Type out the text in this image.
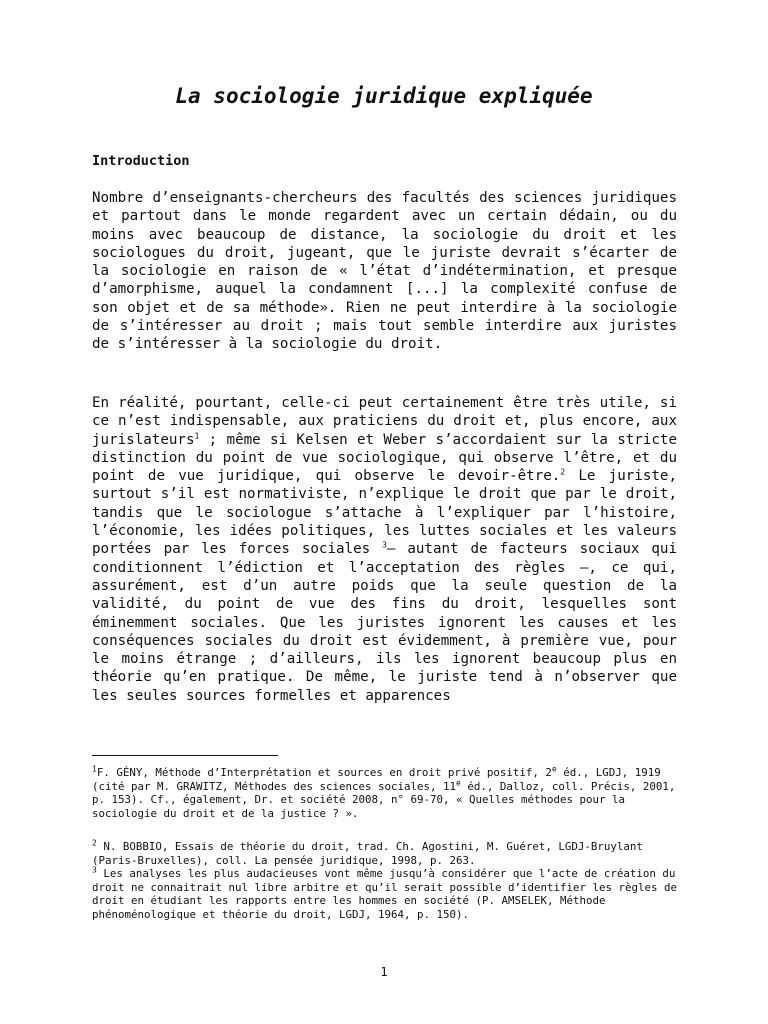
La sociologie juridique expliquée
Introduction

Nombre d’enseignants-chercheurs des facultés des sciences juridiques et partout dans le monde regardent avec un certain dédain, ou du moins avec beaucoup de distance, la sociologie du droit et les sociologues du droit, jugeant, que le juriste devrait s’écarter de la sociologie en raison de « l’état d’indétermination, et presque d’amorphisme, auquel la condamnent [...] la complexité confuse de son objet et de sa méthode». Rien ne peut interdire à la sociologie de s’intéresser au droit ; mais tout semble interdire aux juristes de s’intéresser à la sociologie du droit.

En réalité, pourtant, celle-ci peut certainement être très utile, si ce n’est indispensable, aux praticiens du droit et, plus encore, aux jurislateurs$^1$ ; même si Kelsen et Weber s’accordaient sur la stricte distinction du point de vue sociologique, qui observe l’être, et du point de vue juridique, qui observe le devoir-être.$^2$ Le juriste, surtout s’il est normativiste, n’explique le droit que par le droit, tandis que le sociologue s’attache à l’expliquer par l’histoire, l’économie, les idées politiques, les luttes sociales et les valeurs portées par les forces sociales $^3$— autant de facteurs sociaux qui conditionnent l’édiction et l’acceptation des règles —, ce qui, assurément, est d’un autre poids que la seule question de la validité, du point de vue des fins du droit, lesquelles sont éminemment sociales. Que les juristes ignorent les causes et les conséquences sociales du droit est évidemment, à première vue, pour le moins étrange ; d’ailleurs, ils les ignorent beaucoup plus en théorie qu’en pratique. De même, le juriste tend à n’observer que les seules sources formelles et apparences

$^1$F. GÉNY, Méthode d’Interprétation et sources en droit privé positif, 2e éd., LGDJ, 1919 (cité par M. GRAWITZ, Méthodes des sciences sociales, 11e éd., Dalloz, coll. Précis, 2001, p. 153). Cf., également, Dr. et société 2008, n° 69-70, « Quelles méthodes pour la sociologie du droit et de la justice ? ».

$^2$ N. BOBBIO, Essais de théorie du droit, trad. Ch. Agostini, M. Guéret, LGDJ-Bruylant (Paris-Bruxelles), coll. La pensée juridique, 1998, p. 263.

$^3$ Les analyses les plus audacieuses vont même jusqu’à considérer que l’acte de création du droit ne connaitrait nul libre arbitre et qu’il serait possible d’identifier les règles de droit en étudiant les rapports entre les hommes en société (P. AMSELEK, Méthode phénoménologique et théorie du droit, LGDJ, 1964, p. 150).

1
